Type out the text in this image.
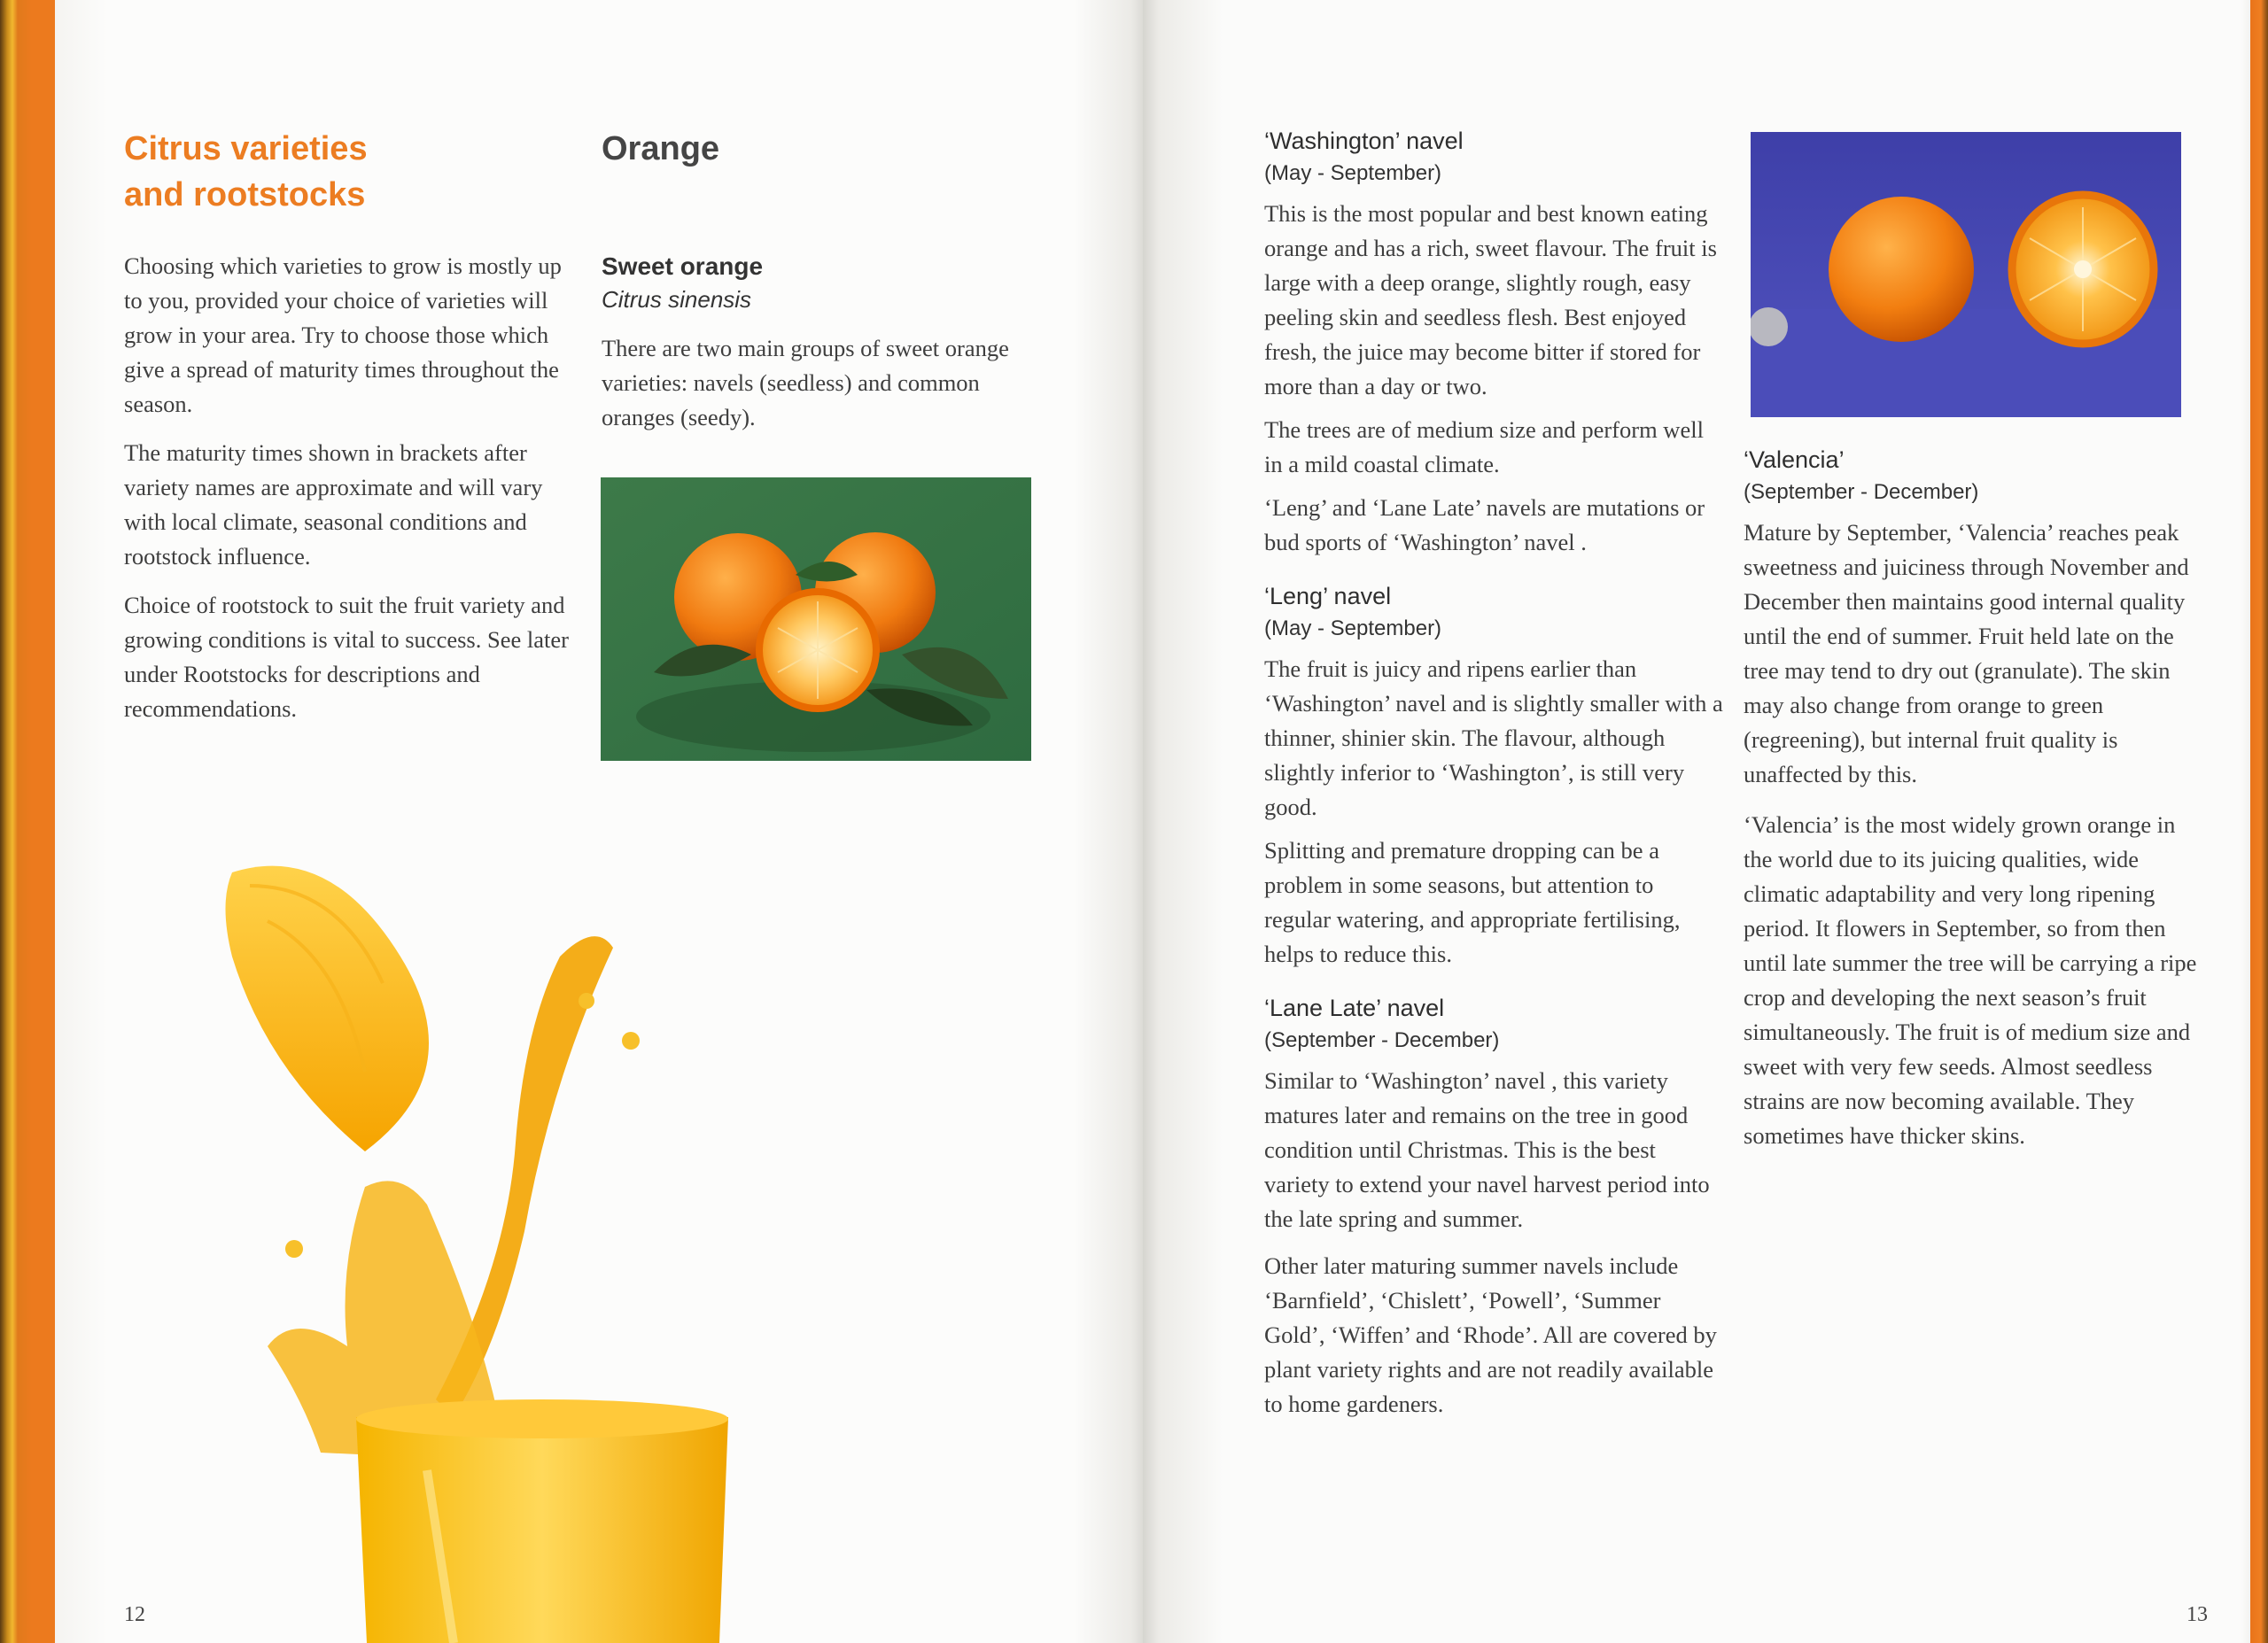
Citrus varieties
and rootstocks

Choosing which varieties to grow is mostly up to you, provided your choice of varieties will grow in your area. Try to choose those which give a spread of maturity times throughout the season.

The maturity times shown in brackets after variety names are approximate and will vary with local climate, seasonal conditions and rootstock influence.

Choice of rootstock to suit the fruit variety and growing conditions is vital to success. See later under Rootstocks for descriptions and recommendations.

Orange

Sweet orange

Citrus sinensis

There are two main groups of sweet orange varieties: navels (seedless) and common oranges (seedy).

12

‘Washington’ navel

(May - September)

This is the most popular and best known eating orange and has a rich, sweet flavour. The fruit is large with a deep orange, slightly rough, easy peeling skin and seedless flesh. Best enjoyed fresh, the juice may become bitter if stored for more than a day or two.

The trees are of medium size and perform well in a mild coastal climate.

‘Leng’ and ‘Lane Late’ navels are mutations or bud sports of ‘Washington’ navel .

‘Leng’ navel

(May - September)

The fruit is juicy and ripens earlier than ‘Washington’ navel and is slightly smaller with a thinner, shinier skin. The flavour, although slightly inferior to ‘Washington’, is still very good.

Splitting and premature dropping can be a problem in some seasons, but attention to regular watering, and appropriate fertilising, helps to reduce this.

‘Lane Late’ navel

(September - December)

Similar to ‘Washington’ navel , this variety matures later and remains on the tree in good condition until Christmas. This is the best variety to extend your navel harvest period into the late spring and summer.

Other later maturing summer navels include ‘Barnfield’, ‘Chislett’, ‘Powell’, ‘Summer Gold’, ‘Wiffen’ and ‘Rhode’. All are covered by plant variety rights and are not readily available to home gardeners.

‘Valencia’

(September - December)

Mature by September, ‘Valencia’ reaches peak sweetness and juiciness through November and December then maintains good internal quality until the end of summer. Fruit held late on the tree may tend to dry out (granulate). The skin may also change from orange to green (regreening), but internal fruit quality is unaffected by this.

‘Valencia’ is the most widely grown orange in the world due to its juicing qualities, wide climatic adaptability and very long ripening period. It flowers in September, so from then until late summer the tree will be carrying a ripe crop and developing the next season’s fruit simultaneously. The fruit is of medium size and sweet with very few seeds. Almost seedless strains are now becoming available. They sometimes have thicker skins.

13
